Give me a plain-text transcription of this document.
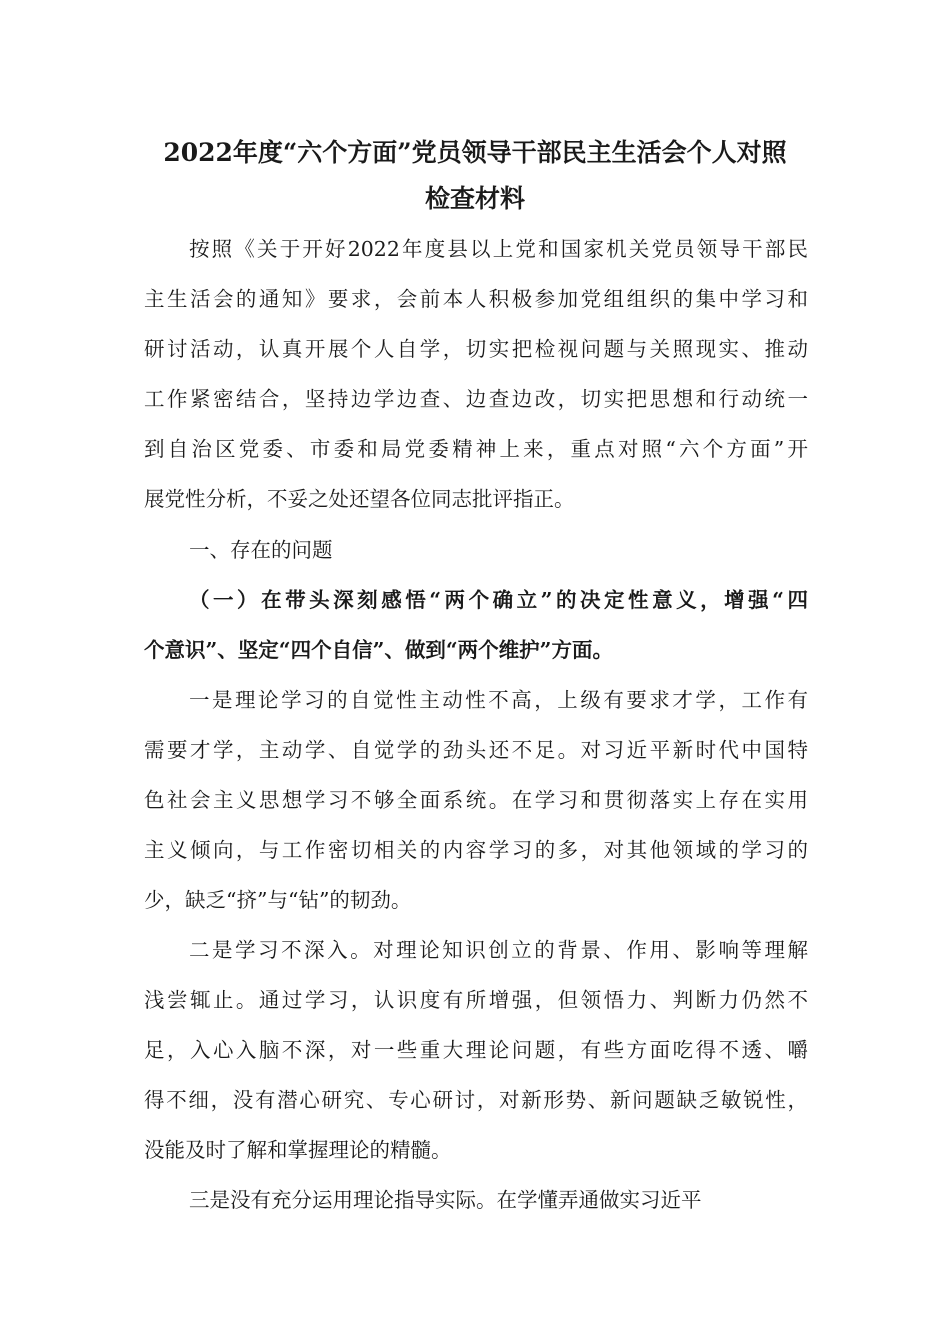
2022年度“六个方面”党员领导干部民主生活会个人对照
检查材料
按照《关于开好2022年度县以上党和国家机关党员领导干部民
主生活会的通知》要求，会前本人积极参加党组组织的集中学习和
研讨活动，认真开展个人自学，切实把检视问题与关照现实、推动
工作紧密结合，坚持边学边查、边查边改，切实把思想和行动统一
到自治区党委、市委和局党委精神上来，重点对照“六个方面”开
展党性分析，不妥之处还望各位同志批评指正。
一、存在的问题
（一）在带头深刻感悟“两个确立”的决定性意义，增强“四
个意识”、坚定“四个自信”、做到“两个维护”方面。
一是理论学习的自觉性主动性不高，上级有要求才学，工作有
需要才学，主动学、自觉学的劲头还不足。对习近平新时代中国特
色社会主义思想学习不够全面系统。在学习和贯彻落实上存在实用
主义倾向，与工作密切相关的内容学习的多，对其他领域的学习的
少，缺乏“挤”与“钻”的韧劲。
二是学习不深入。对理论知识创立的背景、作用、影响等理解
浅尝辄止。通过学习，认识度有所增强，但领悟力、判断力仍然不
足，入心入脑不深，对一些重大理论问题，有些方面吃得不透、嚼
得不细，没有潜心研究、专心研讨，对新形势、新问题缺乏敏锐性，
没能及时了解和掌握理论的精髓。
三是没有充分运用理论指导实际。在学懂弄通做实习近平
